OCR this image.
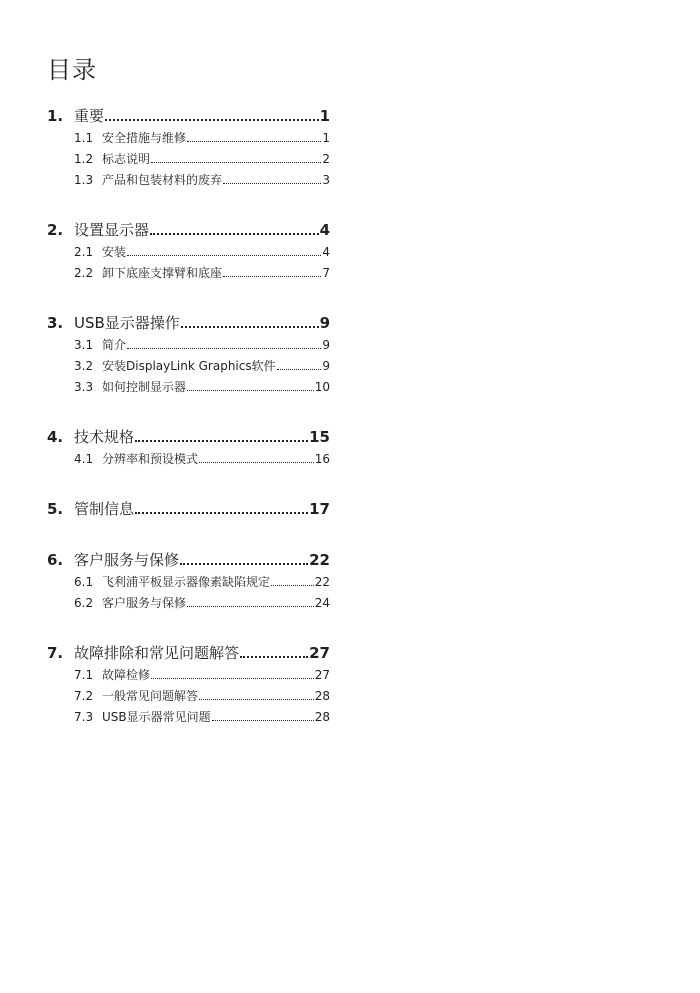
目录
1. 重要	1
1.1 安全措施与维修	1
1.2 标志说明	2
1.3 产品和包装材料的废弃	3
2. 设置显示器	4
2.1 安装	4
2.2 卸下底座支撑臂和底座	7
3. USB显示器操作	9
3.1 简介	9
3.2 安装DisplayLink Graphics软件	9
3.3 如何控制显示器	10
4. 技术规格	15
4.1 分辨率和预设模式	16
5. 管制信息	17
6. 客户服务与保修	22
6.1 飞利浦平板显示器像素缺陷规定	22
6.2 客户服务与保修	24
7. 故障排除和常见问题解答	27
7.1 故障检修	27
7.2 一般常见问题解答	28
7.3 USB显示器常见问题	28
